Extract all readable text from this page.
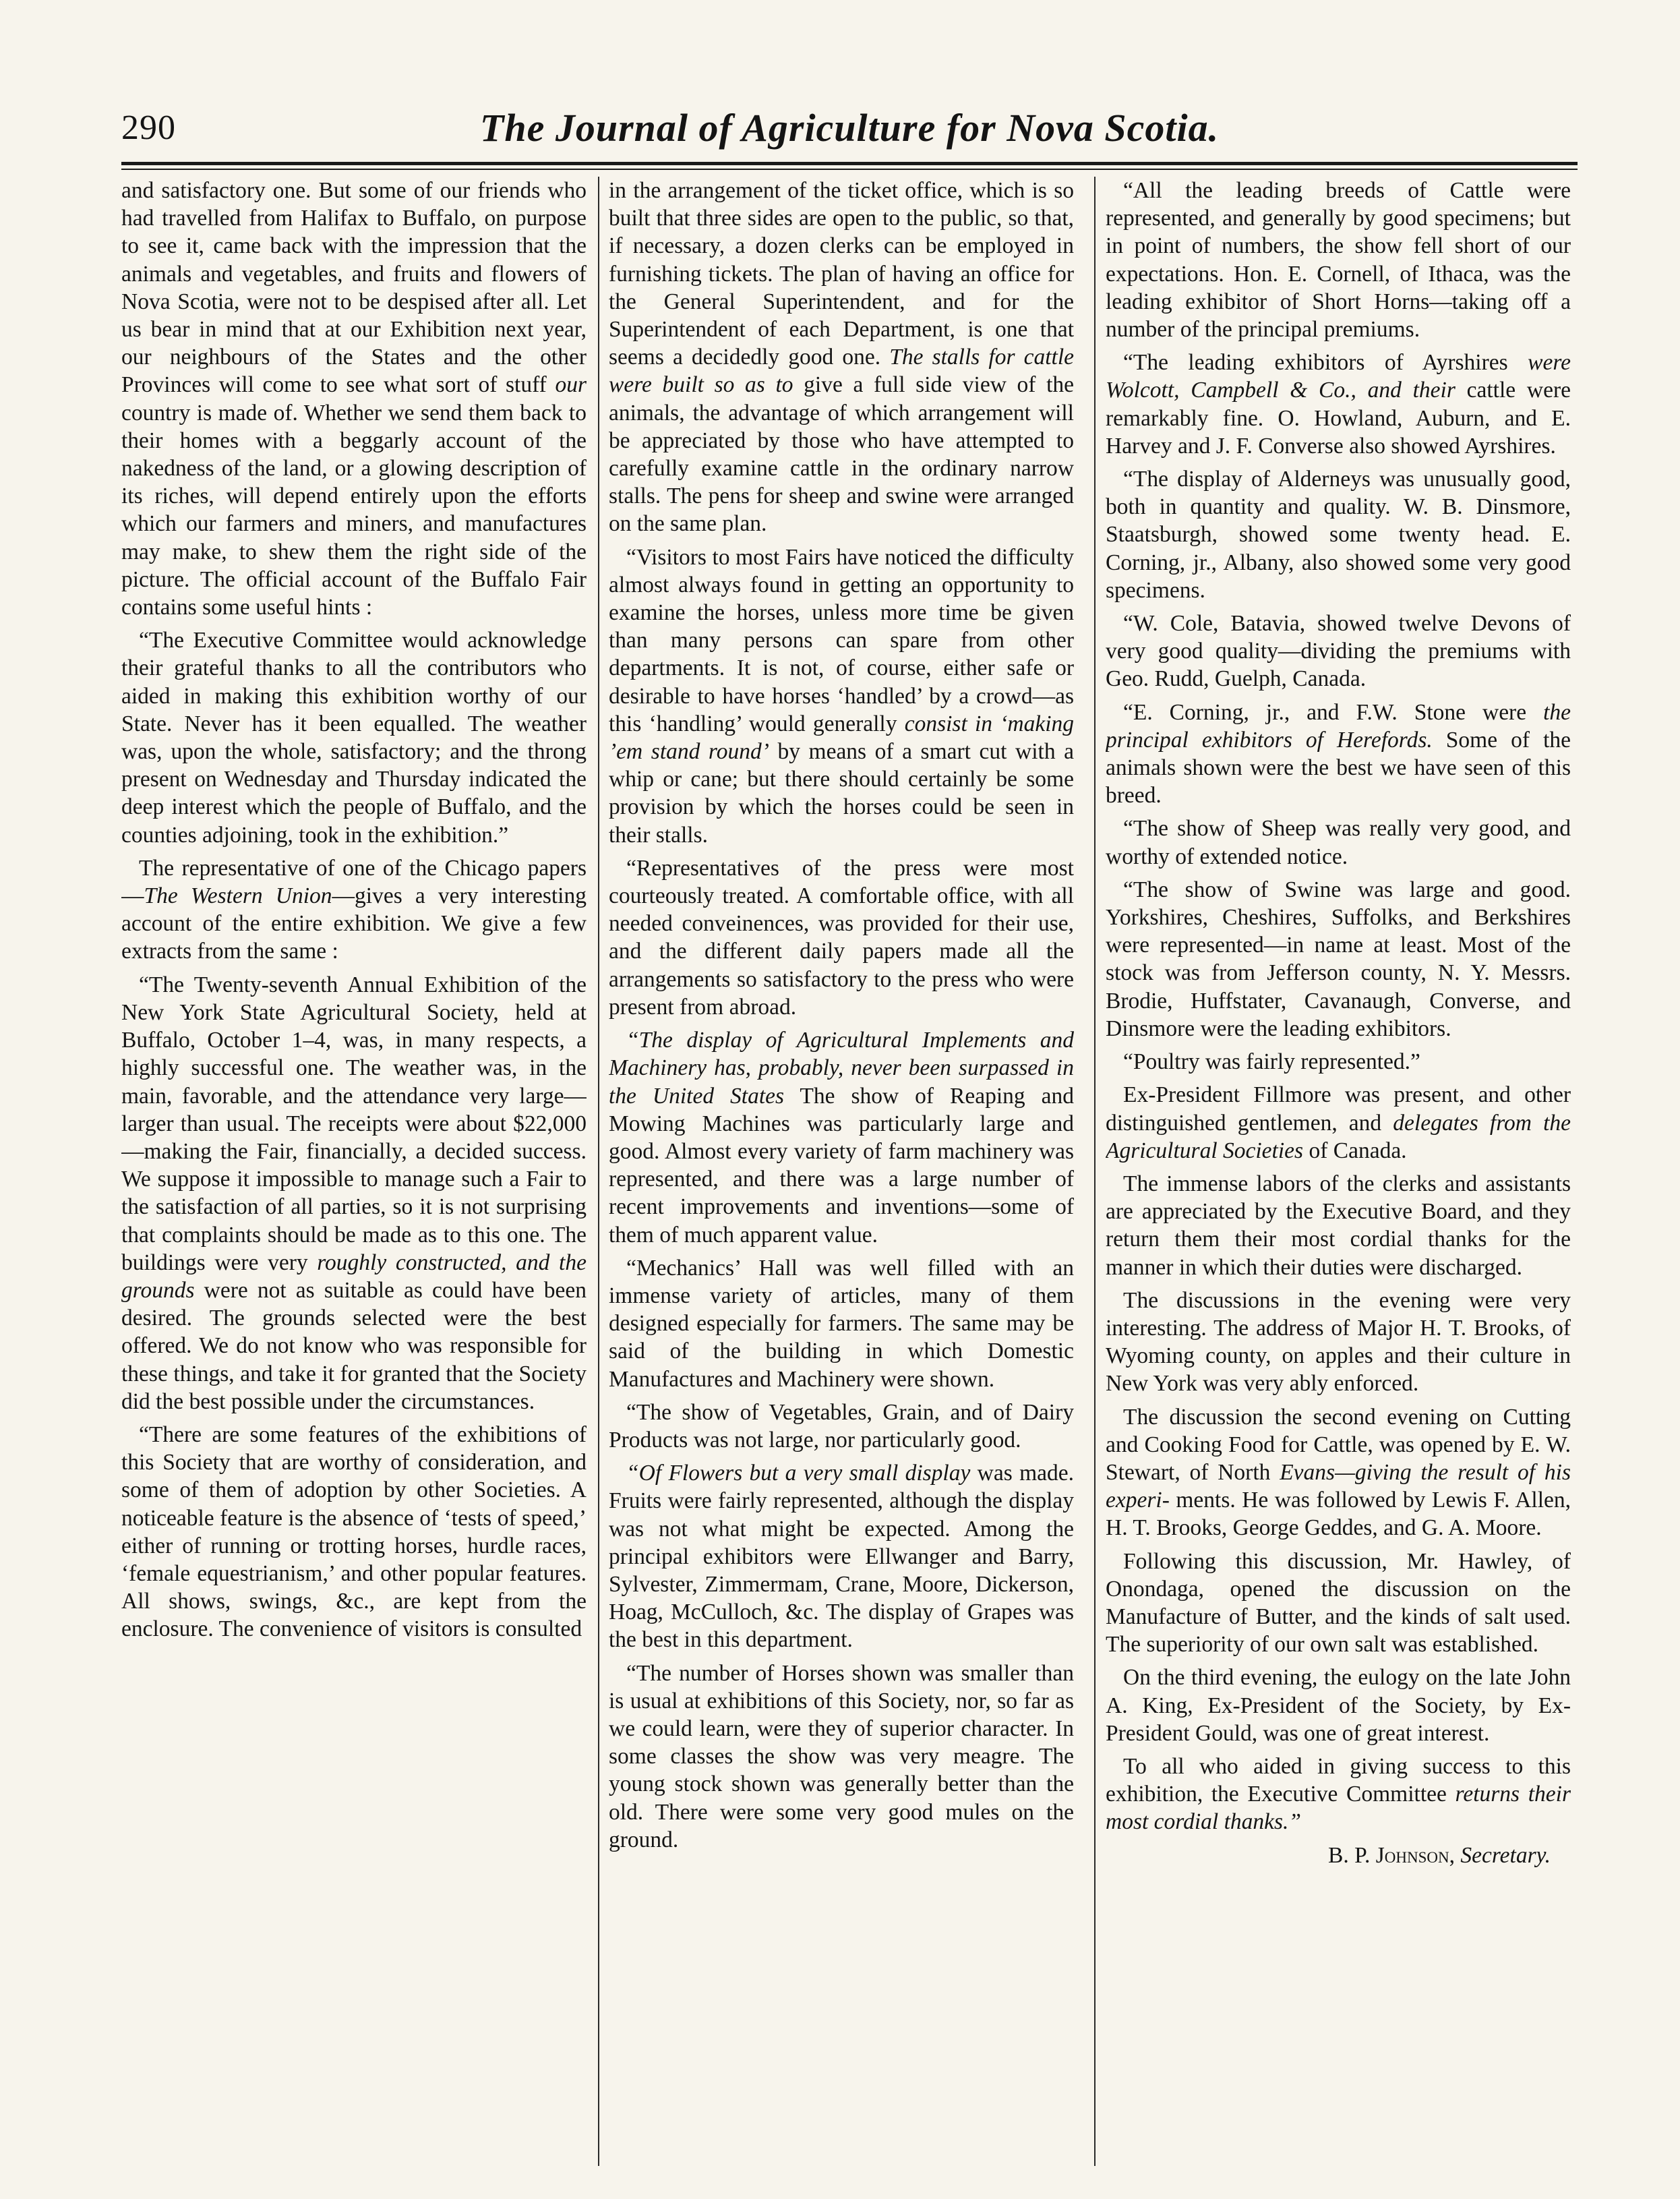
290	The Journal of Agriculture for Nova Scotia.

and satisfactory one. But some of our friends who had travelled from Halifax to Buffalo, on purpose to see it, came back with the impression that the animals and vegetables, and fruits and flowers of Nova Scotia, were not to be despised after all. Let us bear in mind that at our Exhibition next year, our neighbours of the States and the other Provinces will come to see what sort of stuff our country is made of. Whether we send them back to their homes with a beggarly account of the nakedness of the land, or a glowing description of its riches, will depend entirely upon the efforts which our farmers and miners, and manufactures may make, to shew them the right side of the picture. The official account of the Buffalo Fair contains some useful hints :

“The Executive Committee would acknowledge their grateful thanks to all the contributors who aided in making this exhibition worthy of our State. Never has it been equalled. The weather was, upon the whole, satisfactory; and the throng present on Wednesday and Thursday indicated the deep interest which the people of Buffalo, and the counties adjoining, took in the exhibition.”

The representative of one of the Chicago papers—The Western Union—gives a very interesting account of the entire exhibition. We give a few extracts from the same :

“The Twenty-seventh Annual Exhibition of the New York State Agricultural Society, held at Buffalo, October 1–4, was, in many respects, a highly successful one. The weather was, in the main, favorable, and the attendance very large—larger than usual. The receipts were about $22,000—making the Fair, financially, a decided success. We suppose it impossible to manage such a Fair to the satisfaction of all parties, so it is not surprising that complaints should be made as to this one. The buildings were very roughly constructed, and the grounds were not as suitable as could have been desired. The grounds selected were the best offered. We do not know who was responsible for these things, and take it for granted that the Society did the best possible under the circumstances.

“There are some features of the exhibitions of this Society that are worthy of consideration, and some of them of adoption by other Societies. A noticeable feature is the absence of ‘tests of speed,’ either of running or trotting horses, hurdle races, ‘female equestrianism,’ and other popular features. All shows, swings, &c., are kept from the enclosure. The convenience of visitors is consulted

in the arrangement of the ticket office, which is so built that three sides are open to the public, so that, if necessary, a dozen clerks can be employed in furnishing tickets. The plan of having an office for the General Superintendent, and for the Superintendent of each Department, is one that seems a decidedly good one. The stalls for cattle were built so as to give a full side view of the animals, the advantage of which arrangement will be appreciated by those who have attempted to carefully examine cattle in the ordinary narrow stalls. The pens for sheep and swine were arranged on the same plan.

“Visitors to most Fairs have noticed the difficulty almost always found in getting an opportunity to examine the horses, unless more time be given than many persons can spare from other departments. It is not, of course, either safe or desirable to have horses ‘handled’ by a crowd—as this ‘handling’ would generally consist in ‘making ’em stand round’ by means of a smart cut with a whip or cane; but there should certainly be some provision by which the horses could be seen in their stalls.

“Representatives of the press were most courteously treated. A comfortable office, with all needed conveinences, was provided for their use, and the different daily papers made all the arrangements so satisfactory to the press who were present from abroad.

“The display of Agricultural Implements and Machinery has, probably, never been surpassed in the United States The show of Reaping and Mowing Machines was particularly large and good. Almost every variety of farm machinery was represented, and there was a large number of recent improvements and inventions—some of them of much apparent value.

“Mechanics’ Hall was well filled with an immense variety of articles, many of them designed especially for farmers. The same may be said of the building in which Domestic Manufactures and Machinery were shown.

“The show of Vegetables, Grain, and of Dairy Products was not large, nor particularly good.

“Of Flowers but a very small display was made. Fruits were fairly represented, although the display was not what might be expected. Among the principal exhibitors were Ellwanger and Barry, Sylvester, Zimmermam, Crane, Moore, Dickerson, Hoag, McCulloch, &c. The display of Grapes was the best in this department.

“The number of Horses shown was smaller than is usual at exhibitions of this Society, nor, so far as we could learn, were they of superior character. In some classes the show was very meagre. The young stock shown was generally better than the old. There were some very good mules on the ground.

“All the leading breeds of Cattle were represented, and generally by good specimens; but in point of numbers, the show fell short of our expectations. Hon. E. Cornell, of Ithaca, was the leading exhibitor of Short Horns—taking off a number of the principal premiums.

“The leading exhibitors of Ayrshires were Wolcott, Campbell & Co., and their cattle were remarkably fine. O. Howland, Auburn, and E. Harvey and J. F. Converse also showed Ayrshires.

“The display of Alderneys was unusually good, both in quantity and quality. W. B. Dinsmore, Staatsburgh, showed some twenty head. E. Corning, jr., Albany, also showed some very good specimens.

“W. Cole, Batavia, showed twelve Devons of very good quality—dividing the premiums with Geo. Rudd, Guelph, Canada.

“E. Corning, jr., and F.W. Stone were the principal exhibitors of Herefords. Some of the animals shown were the best we have seen of this breed.

“The show of Sheep was really very good, and worthy of extended notice.

“The show of Swine was large and good. Yorkshires, Cheshires, Suffolks, and Berkshires were represented—in name at least. Most of the stock was from Jefferson county, N. Y. Messrs. Brodie, Huffstater, Cavanaugh, Converse, and Dinsmore were the leading exhibitors.

“Poultry was fairly represented.”

Ex-President Fillmore was present, and other distinguished gentlemen, and delegates from the Agricultural Societies of Canada.

The immense labors of the clerks and assistants are appreciated by the Executive Board, and they return them their most cordial thanks for the manner in which their duties were discharged.

The discussions in the evening were very interesting. The address of Major H. T. Brooks, of Wyoming county, on apples and their culture in New York was very ably enforced.

The discussion the second evening on Cutting and Cooking Food for Cattle, was opened by E. W. Stewart, of North Evans—giving the result of his experi- ments. He was followed by Lewis F. Allen, H. T. Brooks, George Geddes, and G. A. Moore.

Following this discussion, Mr. Hawley, of Onondaga, opened the discussion on the Manufacture of Butter, and the kinds of salt used. The superiority of our own salt was established.

On the third evening, the eulogy on the late John A. King, Ex-President of the Society, by Ex-President Gould, was one of great interest.

To all who aided in giving success to this exhibition, the Executive Committee returns their most cordial thanks.”

B. P. Johnson, Secretary.
